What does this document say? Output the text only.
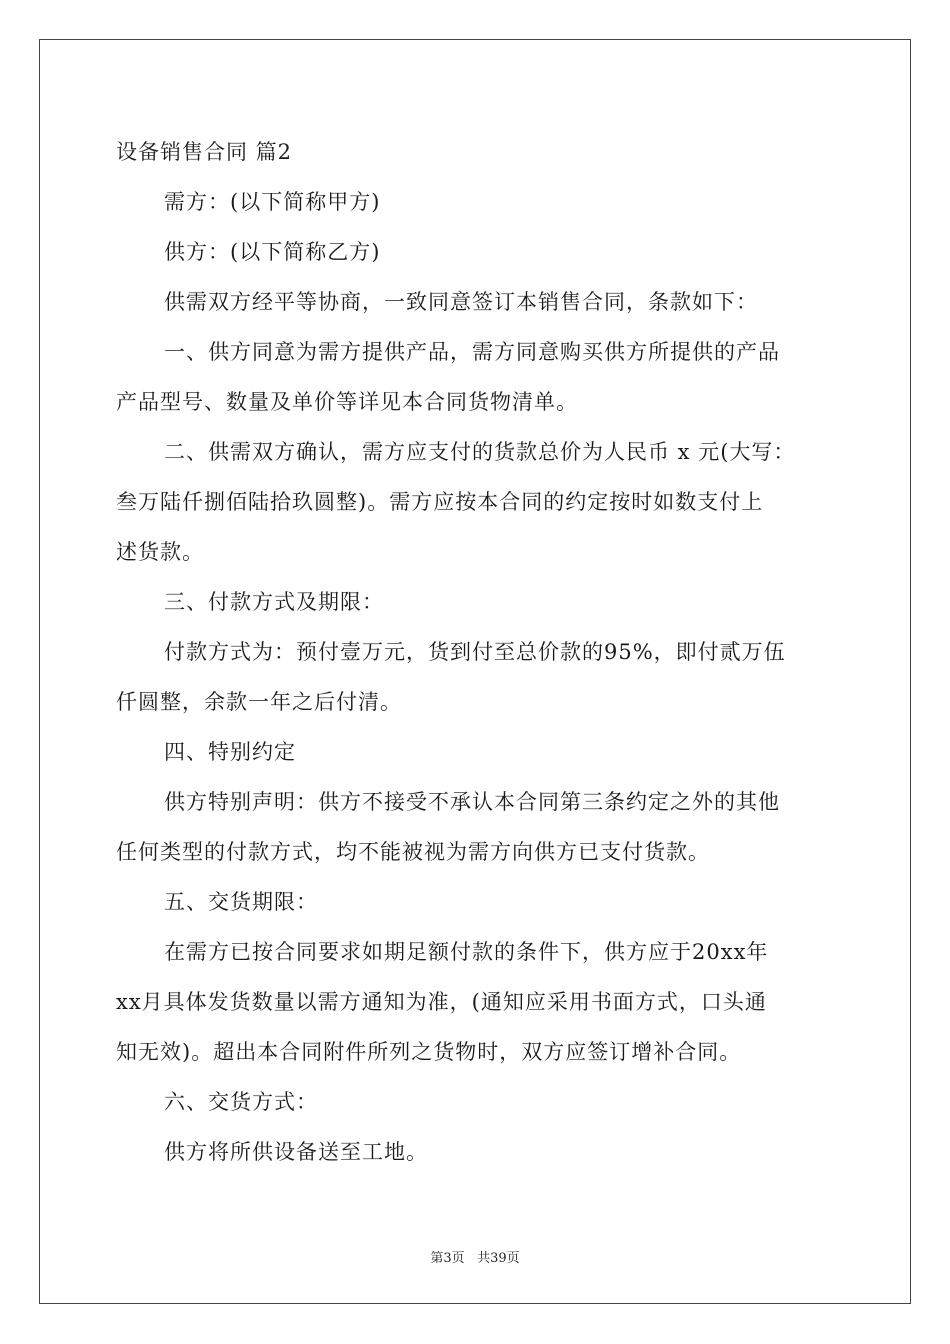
设备销售合同 篇2
需方：(以下简称甲方)
供方：(以下简称乙方)
供需双方经平等协商，一致同意签订本销售合同，条款如下：
一、供方同意为需方提供产品，需方同意购买供方所提供的产品
产品型号、数量及单价等详见本合同货物清单。
二、供需双方确认，需方应支付的货款总价为人民币 x 元(大写：
叁万陆仟捌佰陆拾玖圆整)。需方应按本合同的约定按时如数支付上
述货款。
三、付款方式及期限：
付款方式为：预付壹万元，货到付至总价款的95%，即付贰万伍
仟圆整，余款一年之后付清。
四、特别约定
供方特别声明：供方不接受不承认本合同第三条约定之外的其他
任何类型的付款方式，均不能被视为需方向供方已支付货款。
五、交货期限：
在需方已按合同要求如期足额付款的条件下，供方应于20xx年
xx月具体发货数量以需方通知为准，(通知应采用书面方式，口头通
知无效)。超出本合同附件所列之货物时，双方应签订增补合同。
六、交货方式：
供方将所供设备送至工地。
第3页 共39页
